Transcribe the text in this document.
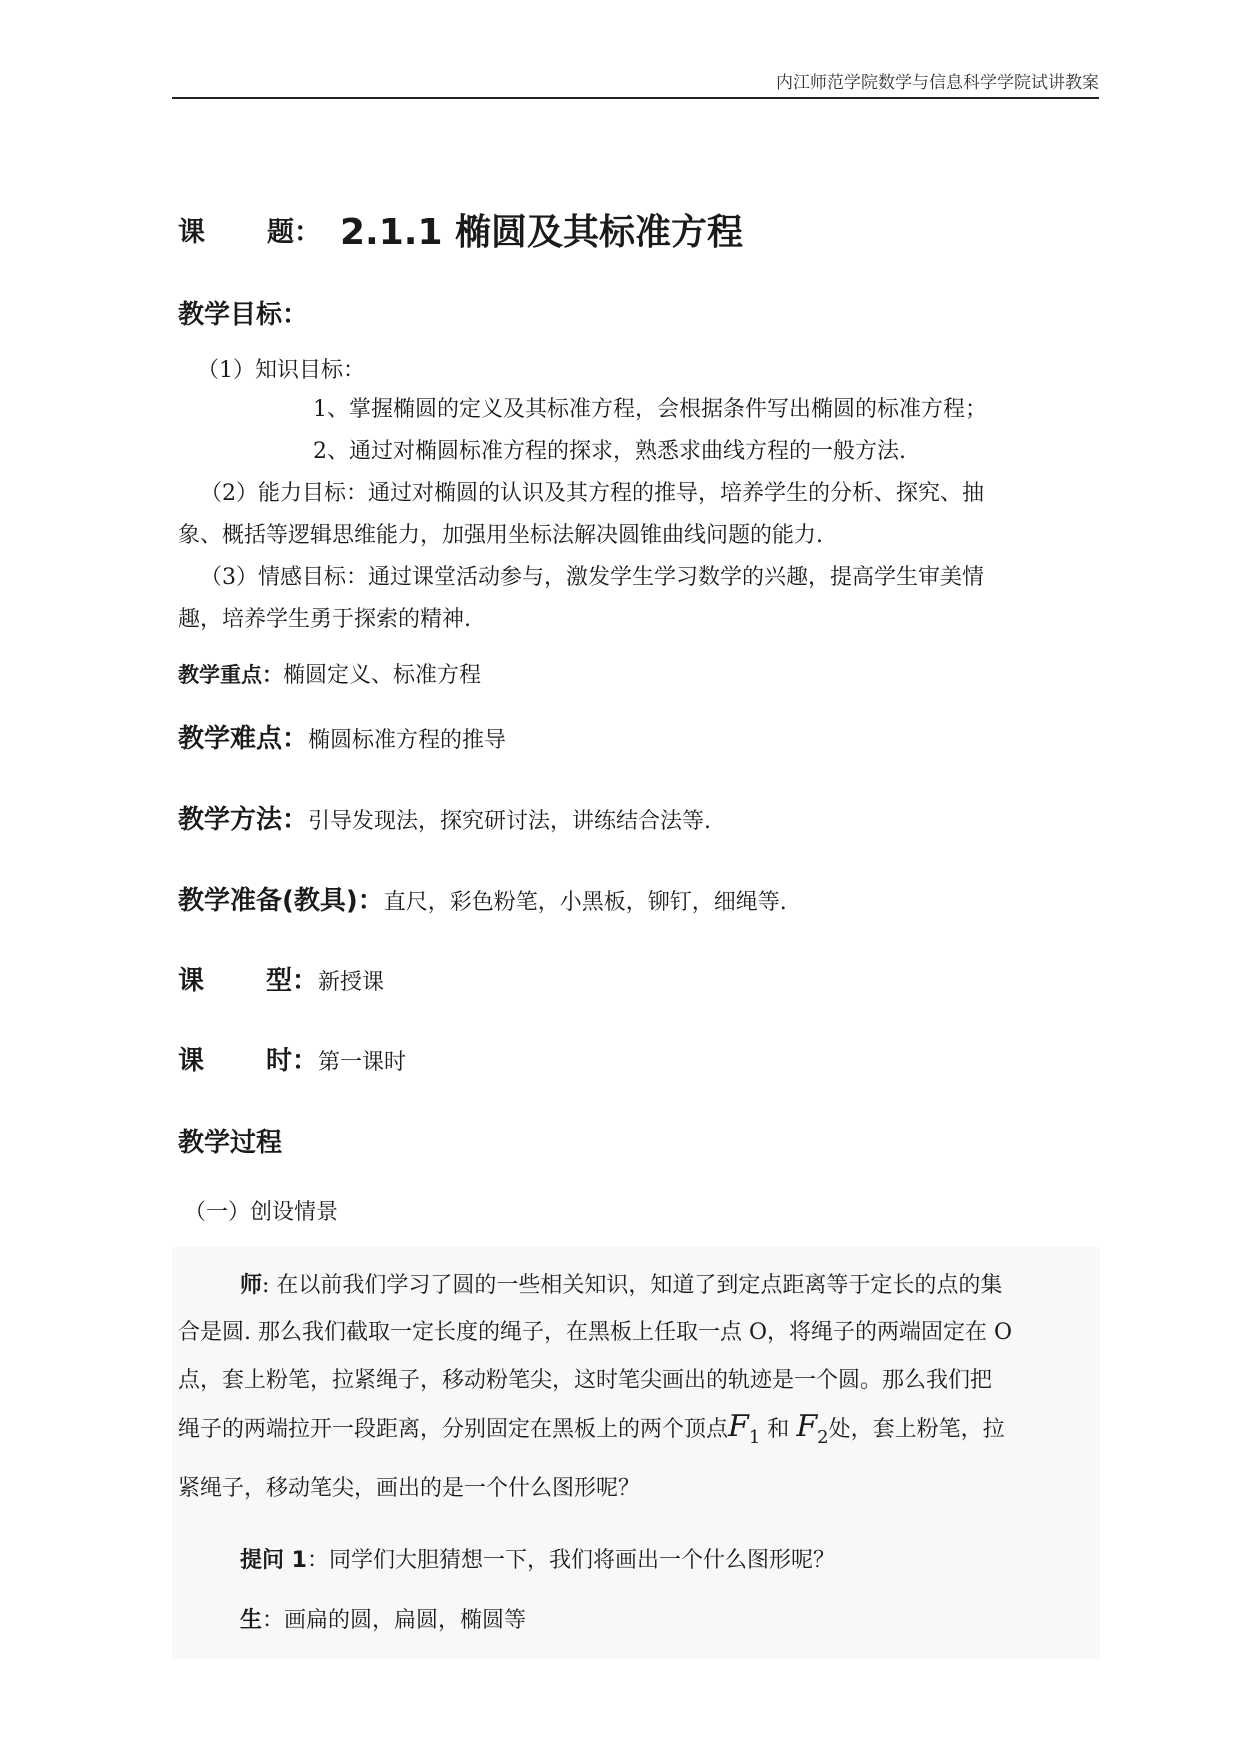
内江师范学院数学与信息科学学院试讲教案
课 题： 2.1.1 椭圆及其标准方程
教学目标：
（1）知识目标：
1、掌握椭圆的定义及其标准方程，会根据条件写出椭圆的标准方程；
2、通过对椭圆标准方程的探求，熟悉求曲线方程的一般方法.
（2）能力目标：通过对椭圆的认识及其方程的推导，培养学生的分析、探究、抽
象、概括等逻辑思维能力，加强用坐标法解决圆锥曲线问题的能力.
（3）情感目标：通过课堂活动参与，激发学生学习数学的兴趣，提高学生审美情
趣，培养学生勇于探索的精神.
教学重点：椭圆定义、标准方程
教学难点：椭圆标准方程的推导
教学方法：引导发现法，探究研讨法，讲练结合法等.
教学准备(教具)：直尺，彩色粉笔，小黑板，铆钉，细绳等.
课 型：新授课
课 时：第一课时
教学过程
（一）创设情景
师: 在以前我们学习了圆的一些相关知识，知道了到定点距离等于定长的点的集
合是圆. 那么我们截取一定长度的绳子，在黑板上任取一点 O，将绳子的两端固定在 O
点，套上粉笔，拉紧绳子，移动粉笔尖，这时笔尖画出的轨迹是一个圆。那么我们把
绳子的两端拉开一段距离，分别固定在黑板上的两个顶点$F_1$ 和 $F_2$处，套上粉笔，拉
紧绳子，移动笔尖，画出的是一个什么图形呢？
提问 1：同学们大胆猜想一下，我们将画出一个什么图形呢？
生：画扁的圆，扁圆，椭圆等
